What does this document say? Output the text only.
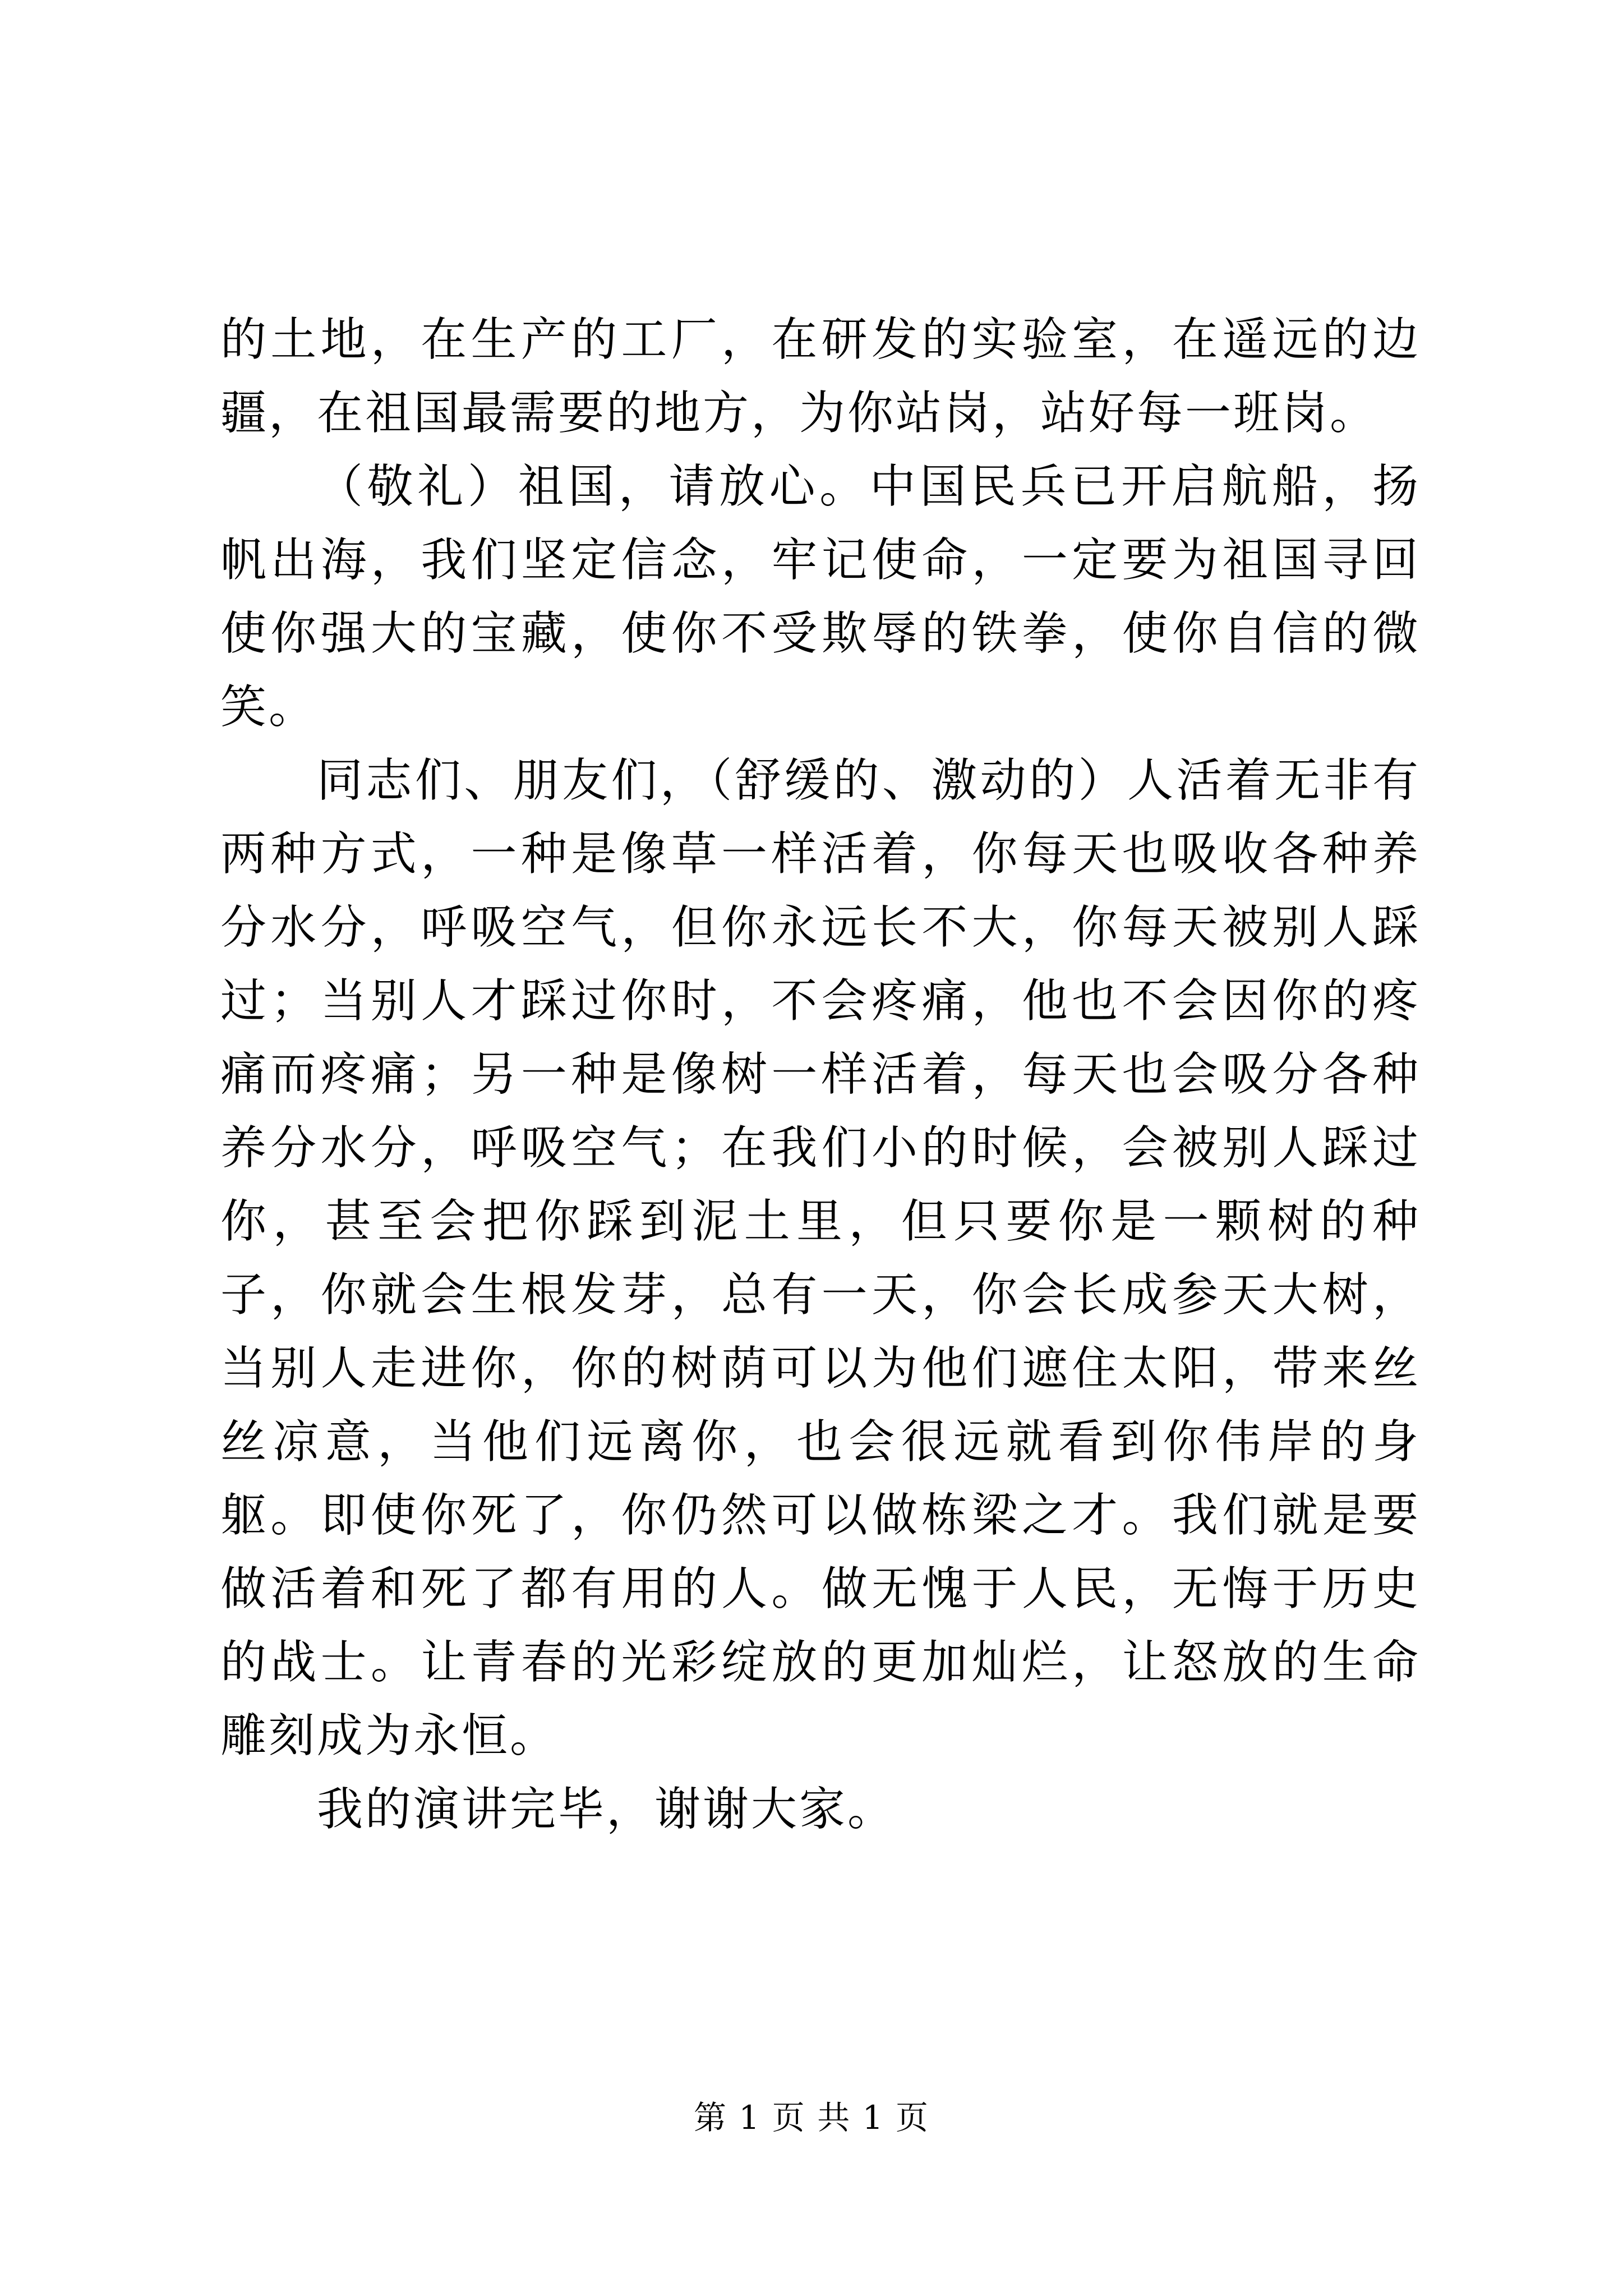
的土地，在生产的工厂，在研发的实验室，在遥远的边疆，在祖国最需要的地方，为你站岗，站好每一班岗。

（敬礼）祖国，请放心。中国民兵已开启航船，扬帆出海，我们坚定信念，牢记使命，一定要为祖国寻回使你强大的宝藏，使你不受欺辱的铁拳，使你自信的微笑。

同志们、朋友们，（舒缓的、激动的）人活着无非有两种方式，一种是像草一样活着，你每天也吸收各种养分水分，呼吸空气，但你永远长不大，你每天被别人踩过；当别人才踩过你时，不会疼痛，他也不会因你的疼痛而疼痛；另一种是像树一样活着，每天也会吸分各种养分水分，呼吸空气；在我们小的时候，会被别人踩过你，甚至会把你踩到泥土里，但只要你是一颗树的种子，你就会生根发芽，总有一天，你会长成参天大树，当别人走进你，你的树荫可以为他们遮住太阳，带来丝丝凉意，当他们远离你，也会很远就看到你伟岸的身躯。即使你死了，你仍然可以做栋梁之才。我们就是要做活着和死了都有用的人。做无愧于人民，无悔于历史的战士。让青春的光彩绽放的更加灿烂，让怒放的生命雕刻成为永恒。

我的演讲完毕，谢谢大家。

第 1 页 共 1 页
